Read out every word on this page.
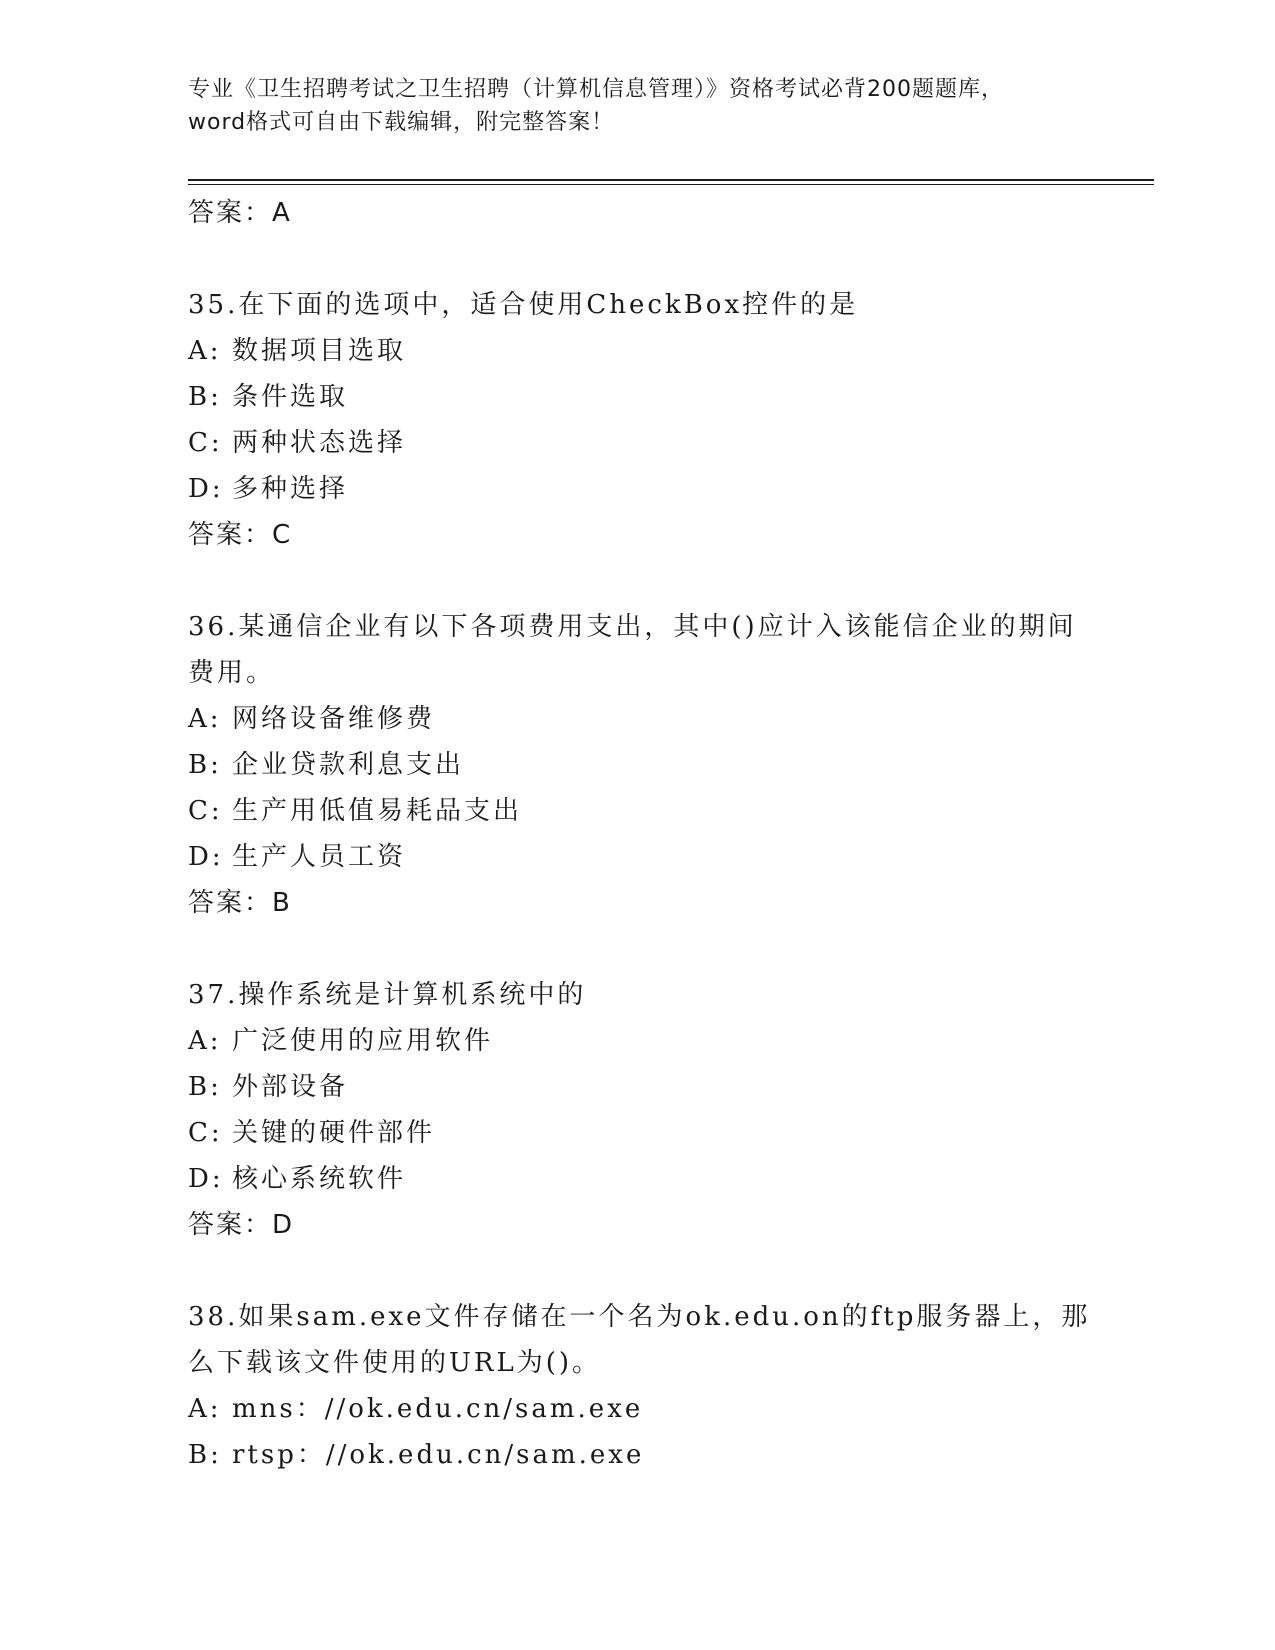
专业《卫生招聘考试之卫生招聘（计算机信息管理）》资格考试必背200题题库，
word格式可自由下载编辑，附完整答案！
答案：A
35.在下面的选项中，适合使用CheckBox控件的是
A: 数据项目选取
B: 条件选取
C: 两种状态选择
D: 多种选择
答案：C
36.某通信企业有以下各项费用支出，其中()应计入该能信企业的期间
费用。
A: 网络设备维修费
B: 企业贷款利息支出
C: 生产用低值易耗品支出
D: 生产人员工资
答案：B
37.操作系统是计算机系统中的
A: 广泛使用的应用软件
B: 外部设备
C: 关键的硬件部件
D: 核心系统软件
答案：D
38.如果sam.exe文件存储在一个名为ok.edu.on的ftp服务器上，那
么下载该文件使用的URL为()。
A: mns：//ok.edu.cn/sam.exe
B: rtsp：//ok.edu.cn/sam.exe
